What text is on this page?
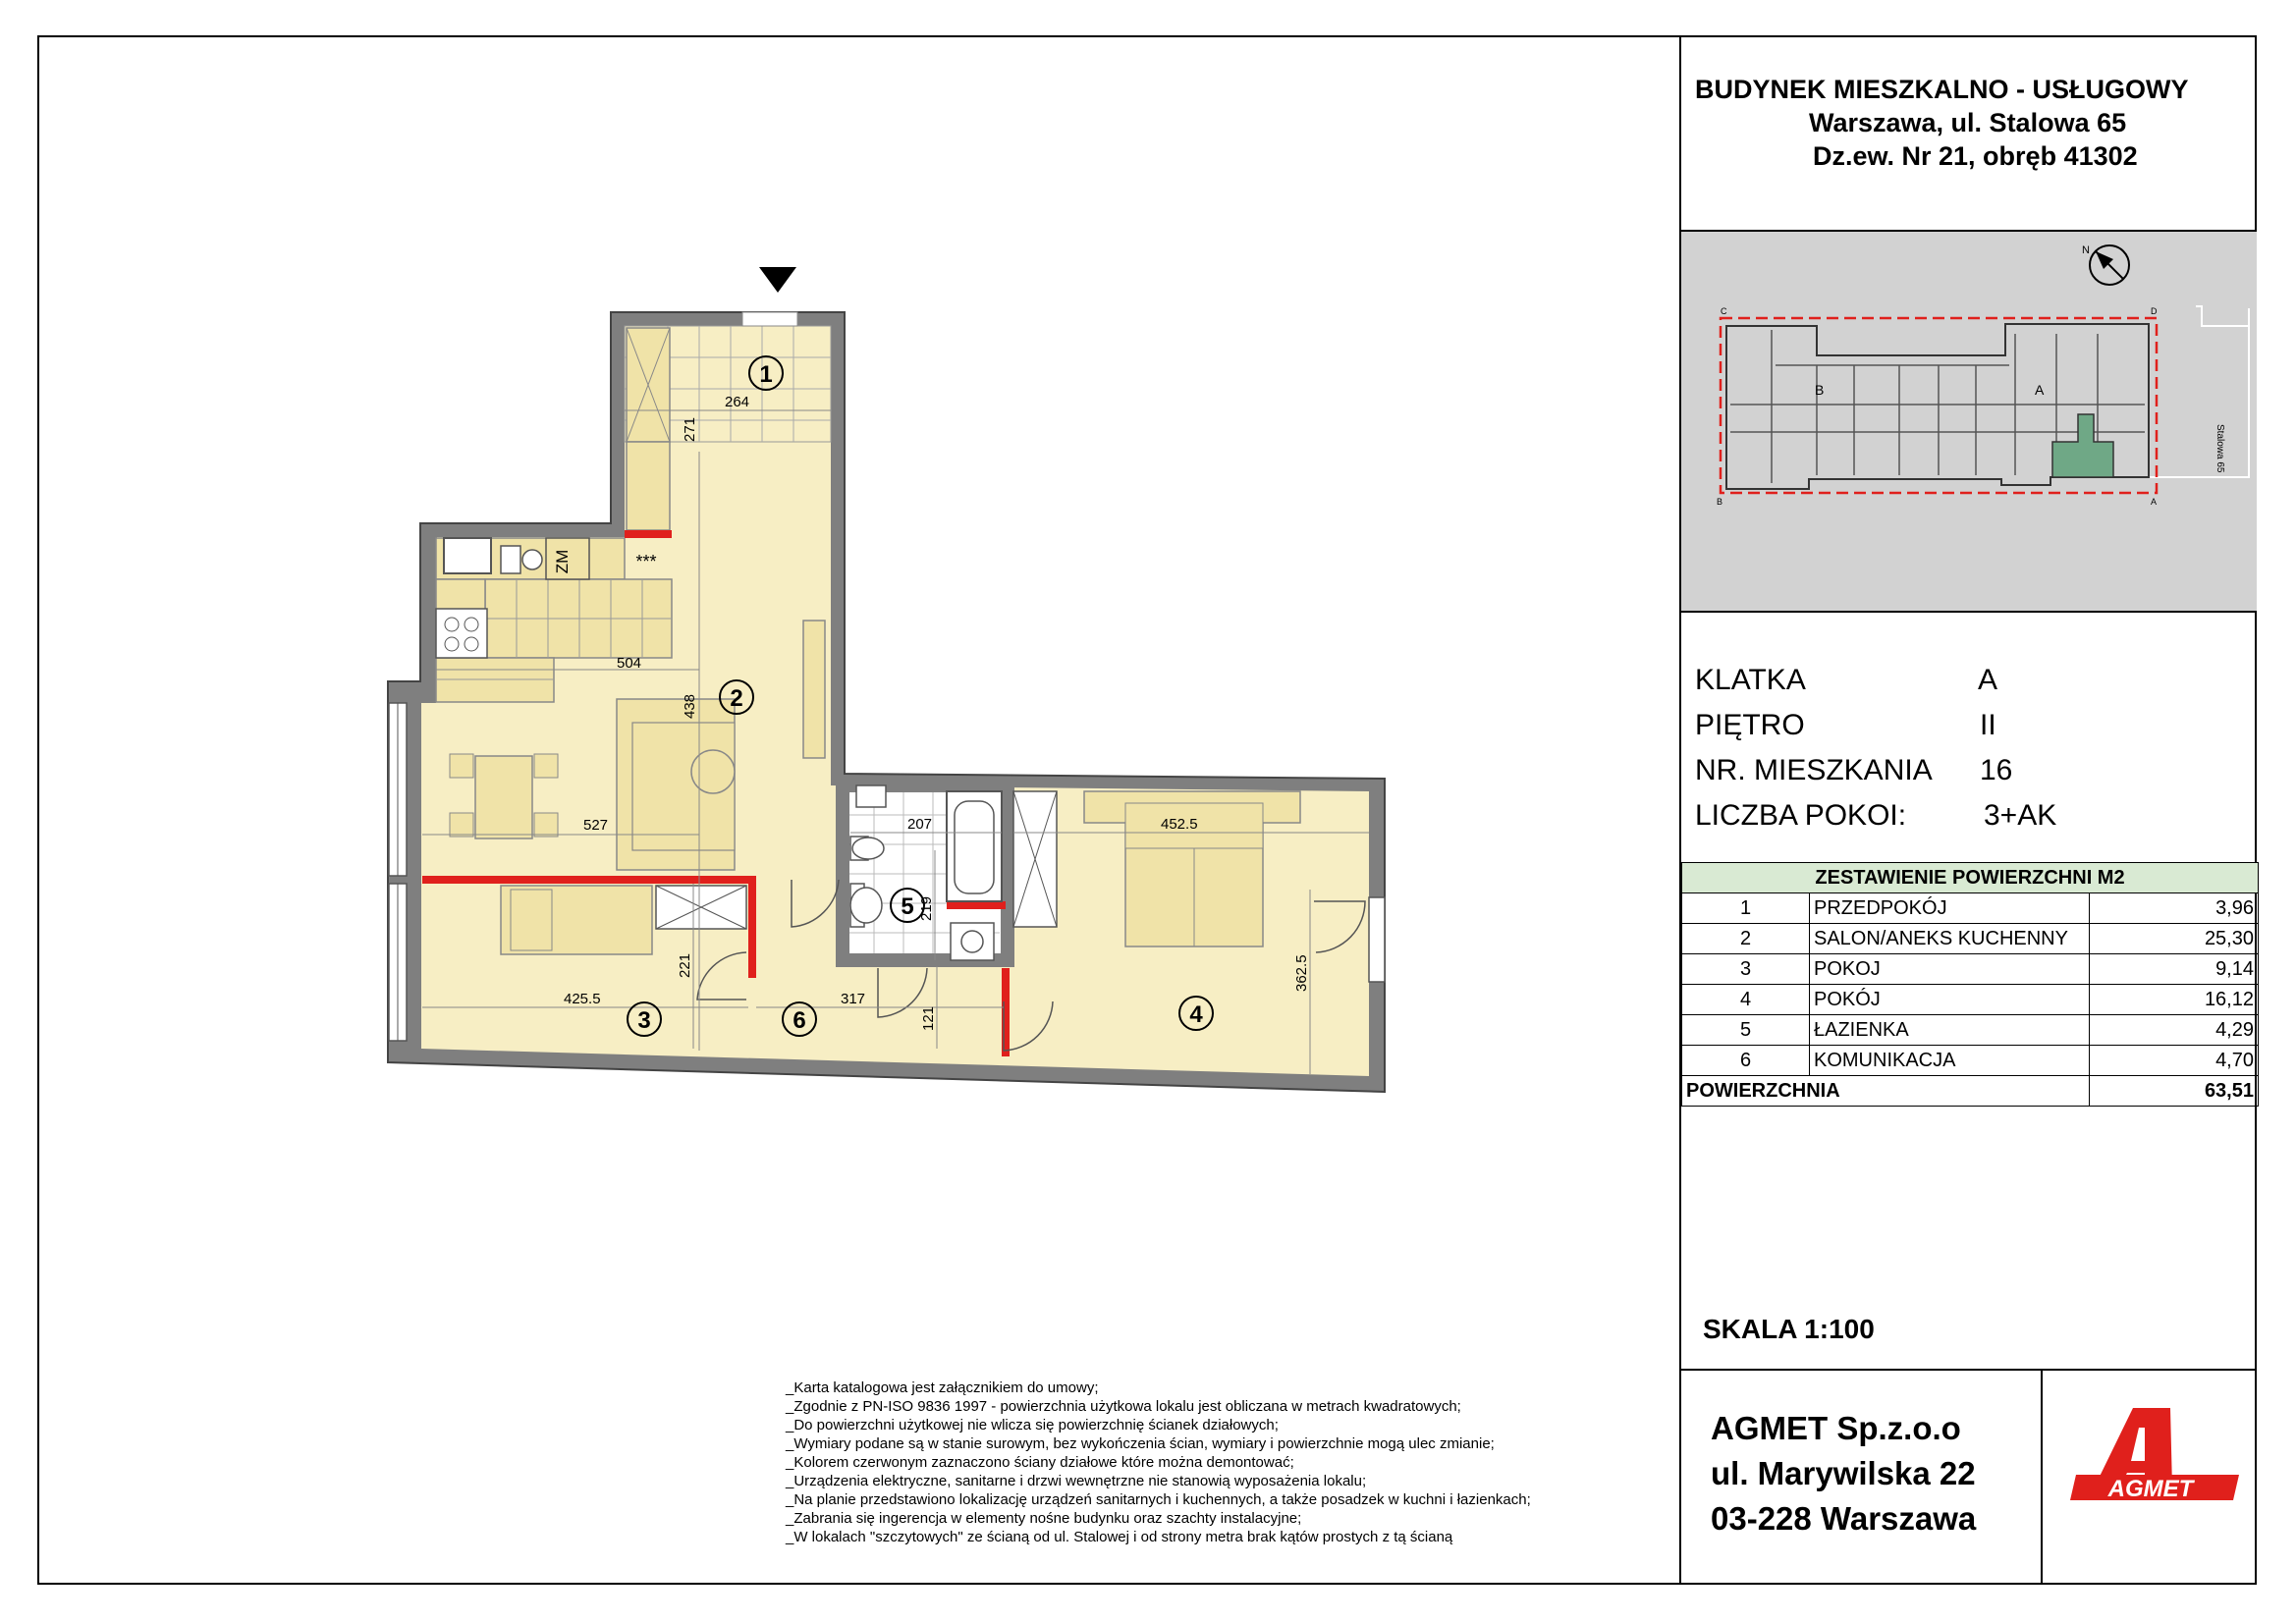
ZM	***
264
271
504
438
527	207
219
452.5
362.5
425.5
221
317
121
1
2
3	4
5
6
_Karta katalogowa jest załącznikiem do umowy;
_Zgodnie z PN-ISO 9836 1997 - powierzchnia użytkowa lokalu jest obliczana w metrach kwadratowych;
_Do powierzchni użytkowej nie wlicza się powierzchnię ścianek działowych;
_Wymiary podane są w stanie surowym, bez wykończenia ścian, wymiary i powierzchnie mogą ulec zmianie;
_Kolorem czerwonym zaznaczono ściany działowe które można demontować;
_Urządzenia elektryczne, sanitarne i drzwi wewnętrzne nie stanowią wyposażenia lokalu;
_Na planie przedstawiono lokalizację urządzeń sanitarnych i kuchennych, a także posadzek w kuchni i łazienkach;
_Zabrania się ingerencja w elementy nośne budynku oraz szachty instalacyjne;
_W lokalach "szczytowych" ze ścianą od ul. Stalowej i od strony metra brak kątów prostych z tą ścianą
BUDYNEK MIESZKALNO - USŁUGOWY
Warszawa, ul. Stalowa 65
Dz.ew. Nr 21, obręb 41302
N
Stalowa 65
A
B
C	D
B	A
KLATKA	A
PIĘTRO	II
NR. MIESZKANIA 16
LICZBA POKOI:	3+AK
ZESTAWIENIE POWIERZCHNI M2		
1	PRZEDPOKÓJ	3,96
2	SALON/ANEKS KUCHENNY	25,30
3	POKOJ	9,14
4	POKÓJ	16,12
5	ŁAZIENKA	4,29
6	KOMUNIKACJA	4,70
POWIERZCHNIA		63,51
SKALA 1:100
AGMET Sp.z.o.o
ul. Marywilska 22
03-228 Warszawa
AGMET
